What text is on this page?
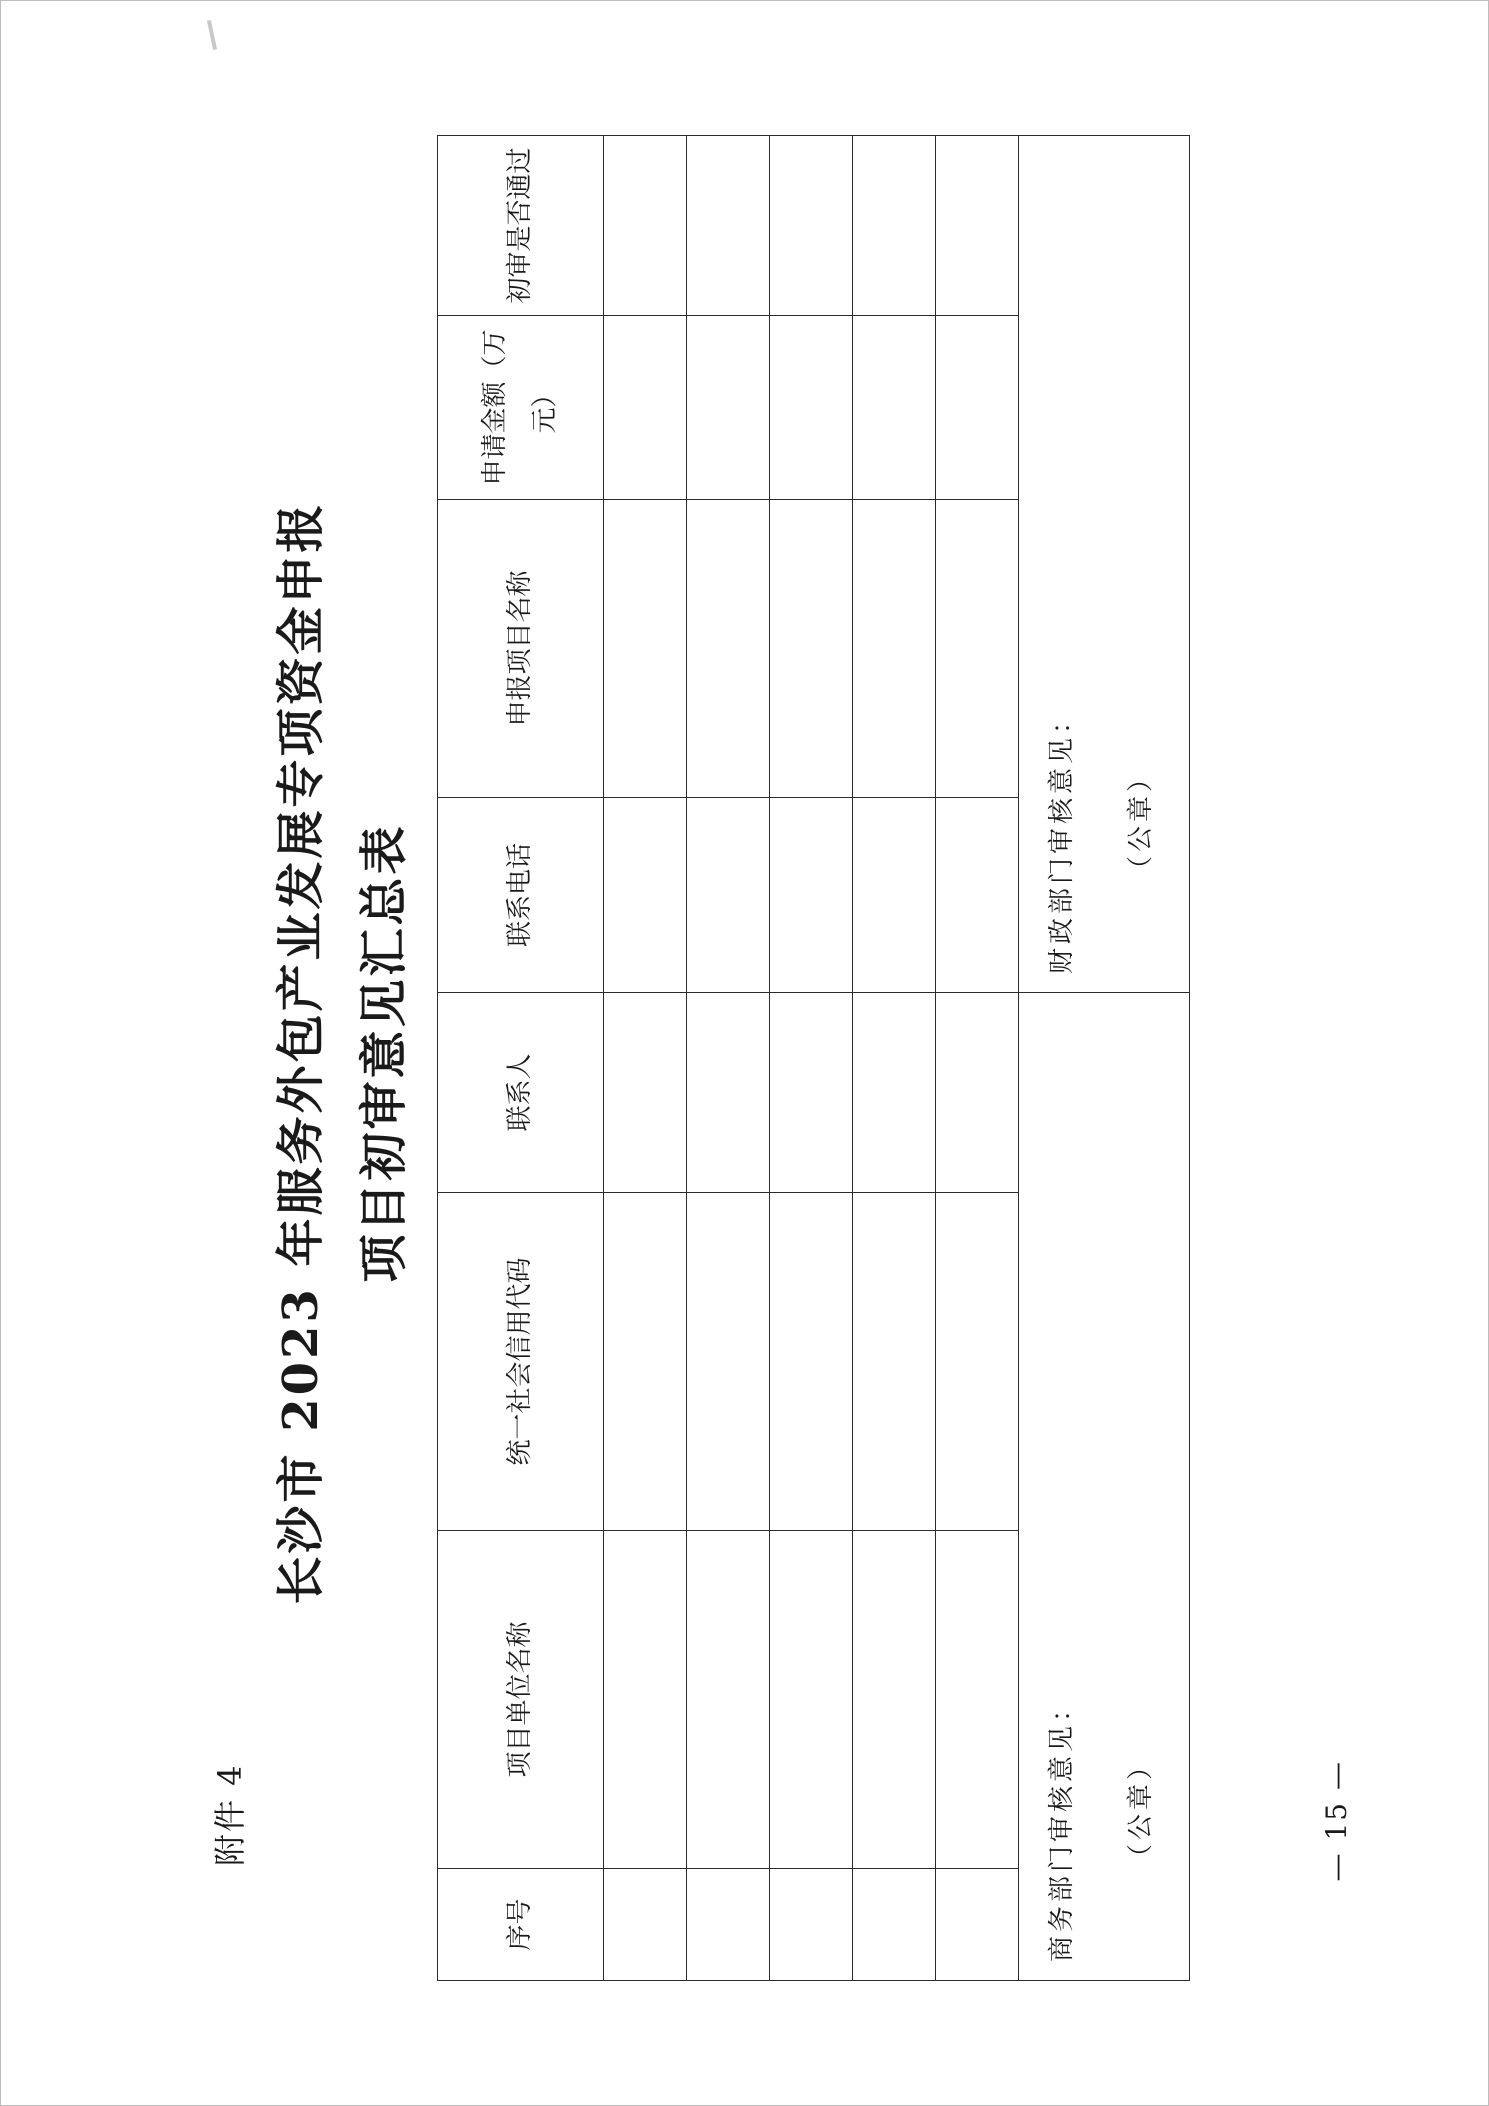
附件 4
长沙市 2023 年服务外包产业发展专项资金申报 项目初审意见汇总表
序号	项目单位名称	统一社会信用代码	联系人	联系电话	申报项目名称	申请金额（万元）	初审是否通过

商务部门审核意见： （公章）				财政部门审核意见： （公章）			
— 15 —
